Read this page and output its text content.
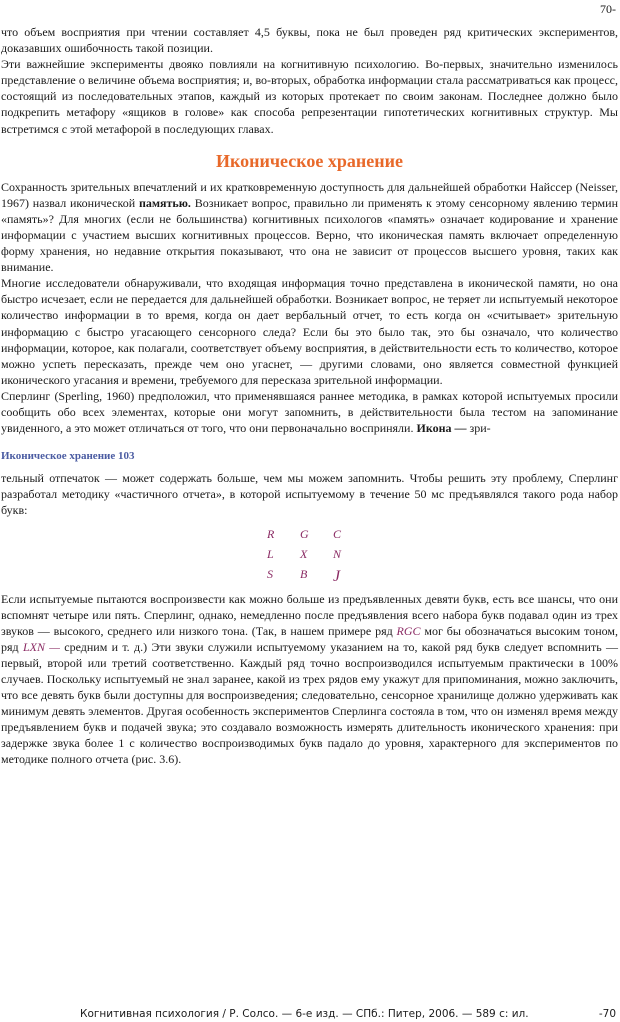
70-

что объем восприятия при чтении составляет 4,5 буквы, пока не был проведен ряд критических экспериментов, доказавших ошибочность такой позиции.

Эти важнейшие эксперименты двояко повлияли на когнитивную психологию. Во-первых, значительно изменилось представление о величине объема восприятия; и, во-вторых, обработка информации стала рассматриваться как процесс, состоящий из последовательных этапов, каждый из которых протекает по своим законам. Последнее должно было подкрепить метафору «ящиков в голове» как способа репрезентации гипотетических когнитивных структур. Мы встретимся с этой метафорой в последующих главах.

Иконическое хранение

Сохранность зрительных впечатлений и их кратковременную доступность для дальнейшей обработки Найссер (Neisser, 1967) назвал иконической памятью. Возникает вопрос, правильно ли применять к этому сенсорному явлению термин «память»? Для многих (если не большинства) когнитивных психологов «память» означает кодирование и хранение информации с участием высших когнитивных процессов. Верно, что иконическая память включает определенную форму хранения, но недавние открытия показывают, что она не зависит от процессов высшего уровня, таких как внимание.

Многие исследователи обнаруживали, что входящая информация точно представлена в иконической памяти, но она быстро исчезает, если не передается для дальнейшей обработки. Возникает вопрос, не теряет ли испытуемый некоторое количество информации в то время, когда он дает вербальный отчет, то есть когда он «считывает» зрительную информацию с быстро угасающего сенсорного следа? Если бы это было так, это бы означало, что количество информации, которое, как полагали, соответствует объему восприятия, в действительности есть то количество, которое можно успеть пересказать, прежде чем оно угаснет, — другими словами, оно является совместной функцией иконического угасания и времени, требуемого для пересказа зрительной информации.

Сперлинг (Sperling, 1960) предположил, что применявшаяся раннее методика, в рамках которой испытуемых просили сообщить обо всех элементах, которые они могут запомнить, в действительности была тестом на запоминание увиденного, а это может отличаться от того, что они первоначально восприняли. Икона — зри-

Иконическое хранение 103

тельный отпечаток — может содержать больше, чем мы можем запомнить. Чтобы решить эту проблему, Сперлинг разработал методику «частичного отчета», в которой испытуемому в течение 50 мс предъявлялся такого рода набор букв:

R	G	C
L	X	N
S	B	J

Если испытуемые пытаются воспроизвести как можно больше из предъявленных девяти букв, есть все шансы, что они вспомнят четыре или пять. Сперлинг, однако, немедленно после предъявления всего набора букв подавал один из трех звуков — высокого, среднего или низкого тона. (Так, в нашем примере ряд RGC мог бы обозначаться высоким тоном, ряд LXN — средним и т. д.) Эти звуки служили испытуемому указанием на то, какой ряд букв следует вспомнить — первый, второй или третий соответственно. Каждый ряд точно воспроизводился испытуемым практически в 100% случаев. Поскольку испытуемый не знал заранее, какой из трех рядов ему укажут для припоминания, можно заключить, что все девять букв были доступны для воспроизведения; следовательно, сенсорное хранилище должно удерживать как минимум девять элементов. Другая особенность экспериментов Сперлинга состояла в том, что он изменял время между предъявлением букв и подачей звука; это создавало возможность измерять длительность иконического хранения: при задержке звука более 1 с количество воспроизводимых букв падало до уровня, характерного для экспериментов по методике полного отчета (рис. 3.6).

Когнитивная психология / Р. Солсо. — 6-е изд. — СПб.: Питер, 2006. — 589 с: ил.	-70
